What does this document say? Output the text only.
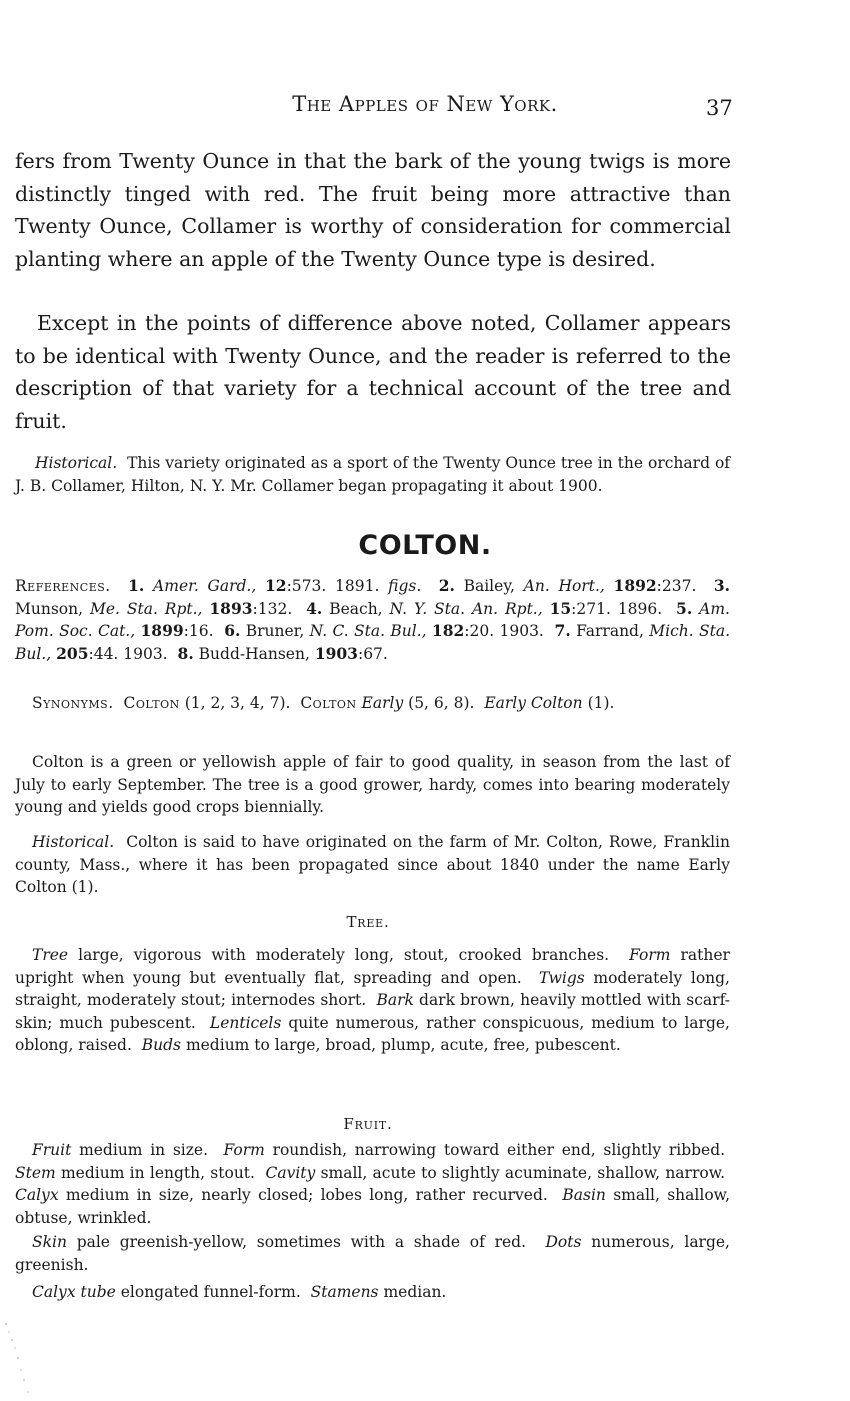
The Apples of New York.	37

fers from Twenty Ounce in that the bark of the young twigs is more distinctly tinged with red. The fruit being more attractive than Twenty Ounce, Collamer is worthy of consideration for commercial planting where an apple of the Twenty Ounce type is desired.

Except in the points of difference above noted, Collamer appears to be identical with Twenty Ounce, and the reader is referred to the description of that variety for a technical account of the tree and fruit.

Historical. This variety originated as a sport of the Twenty Ounce tree in the orchard of J. B. Collamer, Hilton, N. Y. Mr. Collamer began propagating it about 1900.

COLTON.

References. 1. Amer. Gard., 12:573. 1891. figs. 2. Bailey, An. Hort., 1892:237. 3. Munson, Me. Sta. Rpt., 1893:132. 4. Beach, N. Y. Sta. An. Rpt., 15:271. 1896. 5. Am. Pom. Soc. Cat., 1899:16. 6. Bruner, N. C. Sta. Bul., 182:20. 1903. 7. Farrand, Mich. Sta. Bul., 205:44. 1903. 8. Budd-Hansen, 1903:67.

Synonyms. Colton (1, 2, 3, 4, 7). Colton Early (5, 6, 8). Early Colton (1).

Colton is a green or yellowish apple of fair to good quality, in season from the last of July to early September. The tree is a good grower, hardy, comes into bearing moderately young and yields good crops biennially.

Historical. Colton is said to have originated on the farm of Mr. Colton, Rowe, Franklin county, Mass., where it has been propagated since about 1840 under the name Early Colton (1).

Tree.

Tree large, vigorous with moderately long, stout, crooked branches. Form rather upright when young but eventually flat, spreading and open. Twigs moderately long, straight, moderately stout; internodes short. Bark dark brown, heavily mottled with scarf-skin; much pubescent. Lenticels quite numerous, rather conspicuous, medium to large, oblong, raised. Buds medium to large, broad, plump, acute, free, pubescent.

Fruit.

Fruit medium in size. Form roundish, narrowing toward either end, slightly ribbed.  Stem medium in length, stout. Cavity small, acute to slightly acuminate, shallow, narrow.  Calyx medium in size, nearly closed; lobes long, rather recurved. Basin small, shallow, obtuse, wrinkled.

Skin pale greenish-yellow, sometimes with a shade of red. Dots numerous, large, greenish.

Calyx tube elongated funnel-form. Stamens median.
